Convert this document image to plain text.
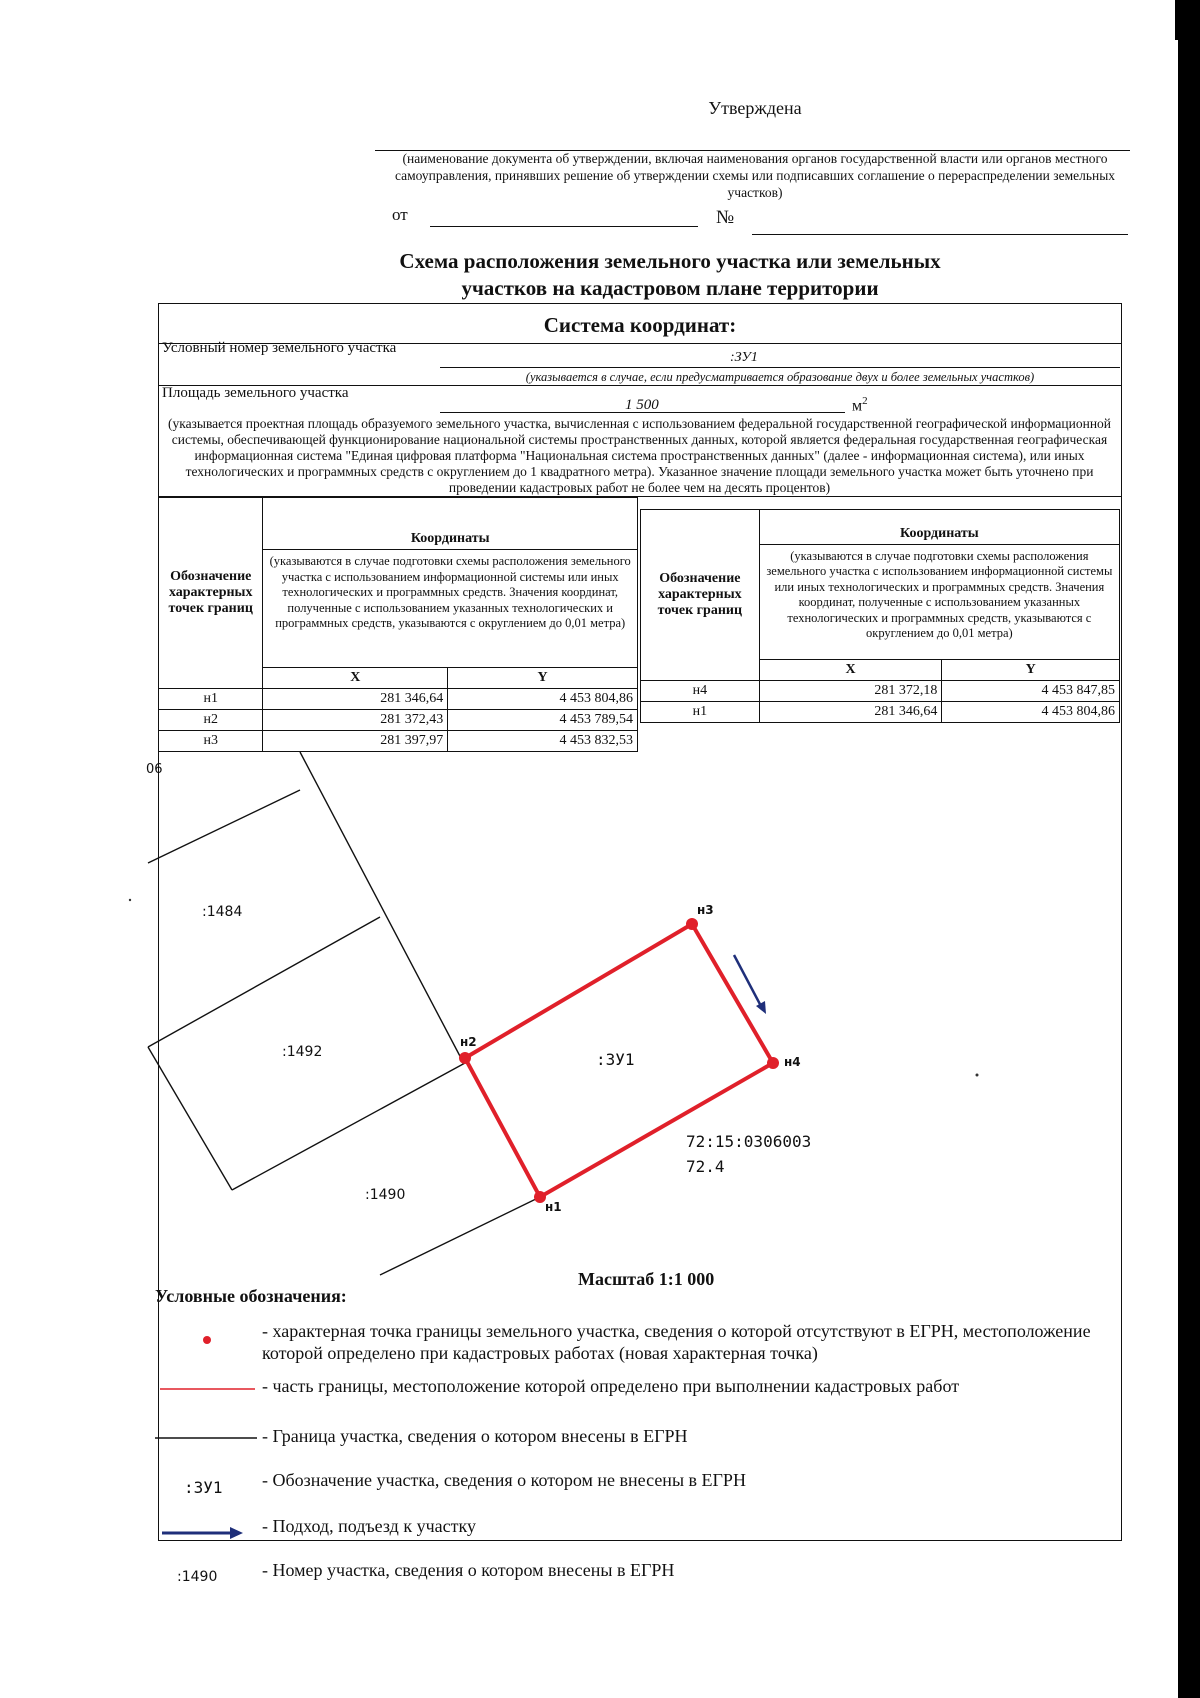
Утверждена
(наименование документа об утверждении, включая наименования органов государственной власти или органов местного самоуправления, принявших решение об утверждении схемы или подписавших соглашение о перераспределении земельных участков)
от	№
Схема расположения земельного участка или земельных
участков на кадастровом плане территории
Система координат:
Условный номер земельного участка
:ЗУ1
(указывается в случае, если предусматривается образование двух и более земельных участков)
Площадь земельного участка
1 500	$м^2$
(указывается проектная площадь образуемого земельного участка, вычисленная с использованием федеральной государственной географической информационной системы, обеспечивающей функционирование национальной системы пространственных данных, которой является федеральная государственная географическая информационная система "Единая цифровая платформа "Национальная система пространственных данных" (далее - информационная система), или иных технологических и программных средств с округлением до 1 квадратного метра). Указанное значение площади земельного участка может быть уточнено при проведении кадастровых работ не более чем на десять процентов)
Обозначение характерных точек границ	Координаты
(указываются в случае подготовки схемы расположения земельного участка с использованием информационной системы или иных технологических и программных средств. Значения координат, полученные с использованием указанных технологических и программных средств, указываются с округлением до 0,01 метра)	

	X	Y
н1	281 346,64	4 453 804,86
н2	281 372,43	4 453 789,54
н3	281 397,97	4 453 832,53
Обозначение характерных точек границ	Координаты
(указываются в случае подготовки схемы расположения земельного участка с использованием информационной системы или иных технологических и программных средств. Значения координат, полученные с использованием указанных технологических и программных средств, указываются с округлением до 0,01 метра)	

	X	Y
н4	281 372,18	4 453 847,85
н1	281 346,64	4 453 804,86
06
:1484
:1492
:1490
:ЗУ1
72:15:0306003
72.4
н1
н2
н3
н4
Масштаб 1:1 000
Условные обозначения:
- характерная точка границы земельного участка, сведения о которой отсутствуют в ЕГРН, местоположение которой определено при кадастровых работах (новая характерная точка)
- часть границы, местоположение которой определено при выполнении кадастровых работ
- Граница участка, сведения о котором внесены в ЕГРН
:ЗУ1 - Обозначение участка, сведения о котором не внесены в ЕГРН
- Подход, подъезд к участку
:1490 - Номер участка, сведения о котором внесены в ЕГРН
